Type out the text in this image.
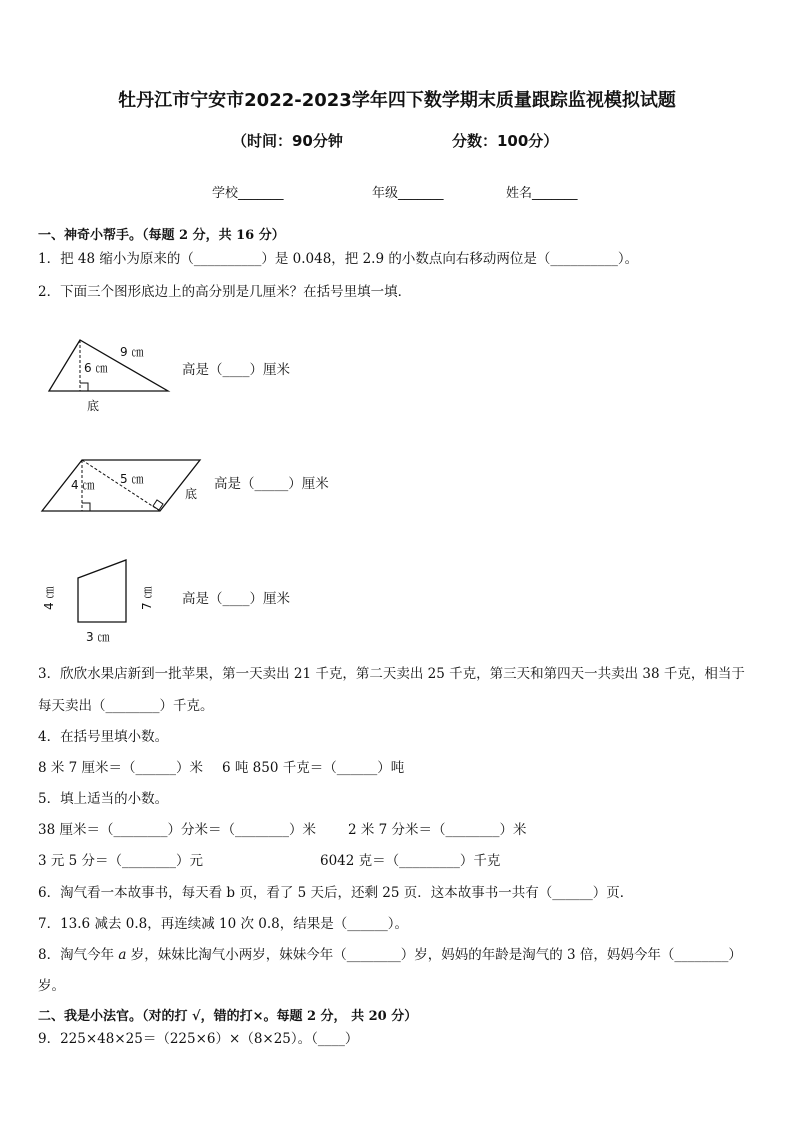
牡丹江市宁安市2022-2023学年四下数学期末质量跟踪监视模拟试题
（时间：90分钟	分数：100分）
学校_______	年级_______	姓名_______
一、神奇小帮手。（每题 2 分，共 16 分）
1．把 48 缩小为原来的（__________）是 0.048，把 2.9 的小数点向右移动两位是（__________）。
2．下面三个图形底边上的高分别是几厘米？在括号里填一填．
6 ㎝
9 ㎝
底
高是（____）厘米
4 ㎝ 5 ㎝
底
高是（_____）厘米
4 ㎝	7 ㎝
3 ㎝
高是（____）厘米
3．欣欣水果店新到一批苹果，第一天卖出 21 千克，第二天卖出 25 千克，第三天和第四天一共卖出 38 千克，相当于
每天卖出（________）千克。
4．在括号里填小数。
8 米 7 厘米＝（______）米 6 吨 850 千克＝（______）吨
5．填上适当的小数。
38 厘米＝（________）分米＝（________）米 2 米 7 分米＝（________）米
3 元 5 分＝（________）元	6042 克＝（_________）千克
6．淘气看一本故事书，每天看 b 页，看了 5 天后，还剩 25 页．这本故事书一共有（______）页．
7．13.6 减去 0.8，再连续减 10 次 0.8，结果是（______）。
8．淘气今年 𝑎 岁，妹妹比淘气小两岁，妹妹今年（________）岁，妈妈的年龄是淘气的 3 倍，妈妈今年（________）
岁。
二、我是小法官。（对的打 √，错的打×。每题 2 分， 共 20 分）
9．225×48×25＝（225×6）×（8×25）。（____）
